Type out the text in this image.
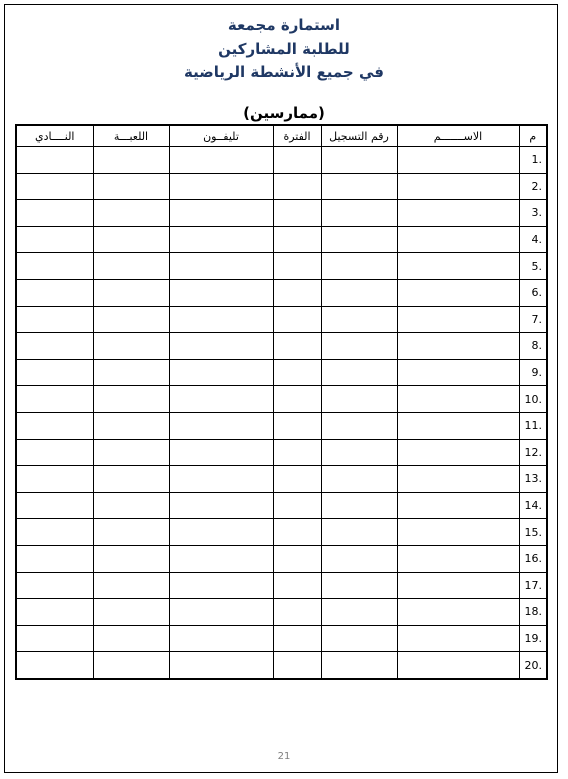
استمارة مجمعة
للطلبة المشاركين
في جميع الأنشطة الرياضية
(ممارسين)
م	الاســـــــم	رقم التسجيل	الفترة	تليفــون	اللعبـــة	النــــادي
.1						
.2						
.3						
.4						
.5						
.6						
.7						
.8						
.9						
.10						
.11						
.12						
.13						
.14						
.15						
.16						
.17						
.18						
.19						
.20						
21
